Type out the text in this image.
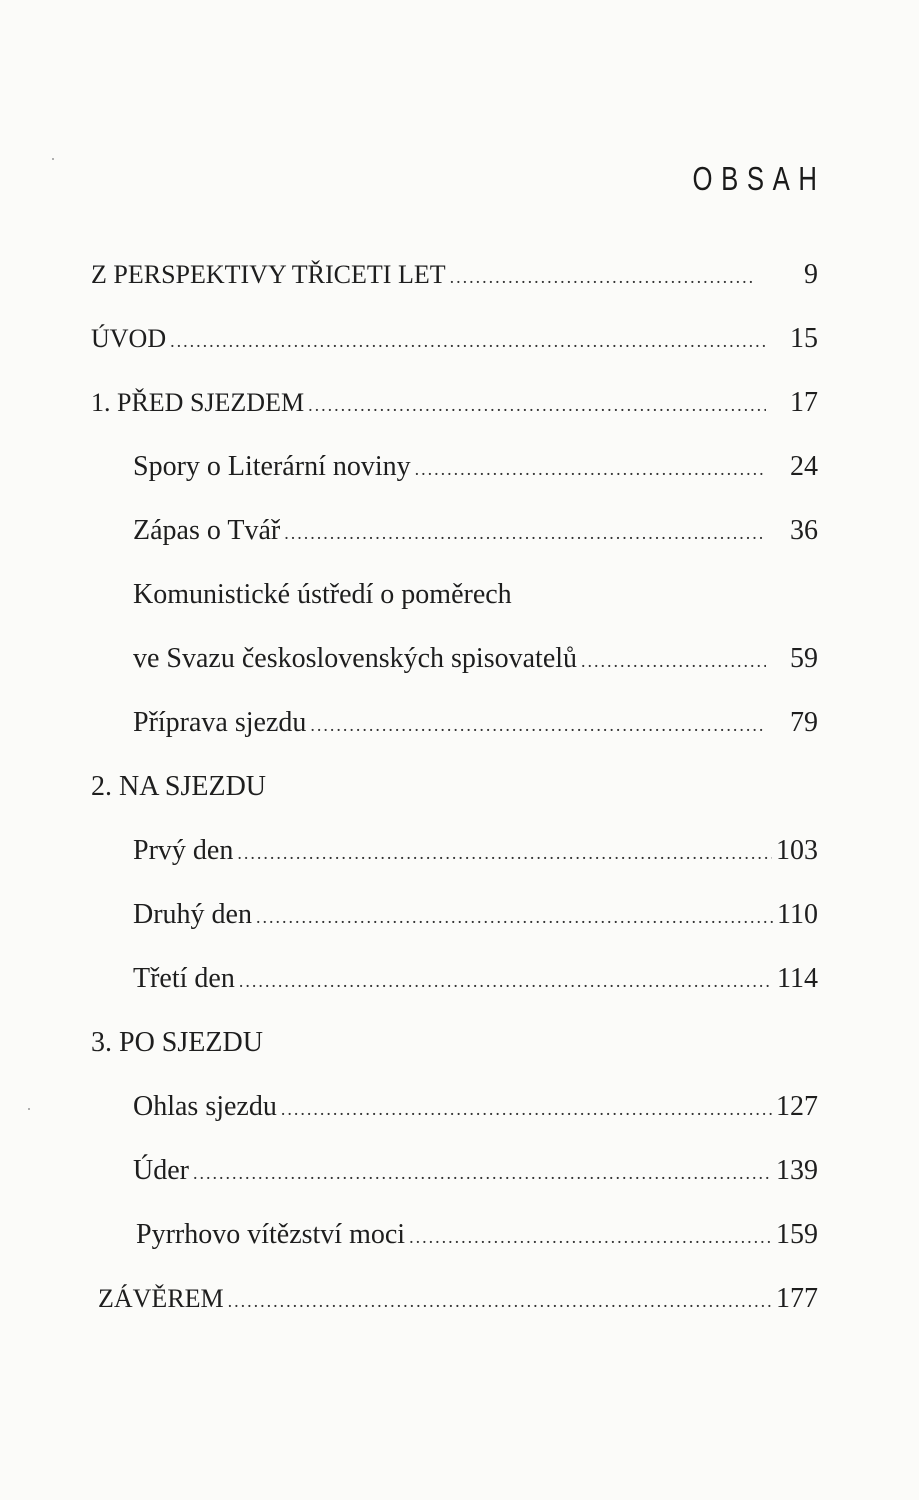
OBSAH
Z PERSPEKTIVY TŘICETI LET .....	9
ÚVOD .....	15
1. PŘED SJEZDEM .....	17
Spory o Literární noviny .....	24
Zápas o Tvář .....	36
Komunistické ústředí o poměrech
ve Svazu československých spisovatelů .....	59
Příprava sjezdu .....	79
2. NA SJEZDU
Prvý den .....	103
Druhý den .....	110
Třetí den .....	114
3. PO SJEZDU
Ohlas sjezdu .....	127
Úder .....	139
Pyrrhovo vítězství moci .....	159
ZÁVĚREM .....	177
